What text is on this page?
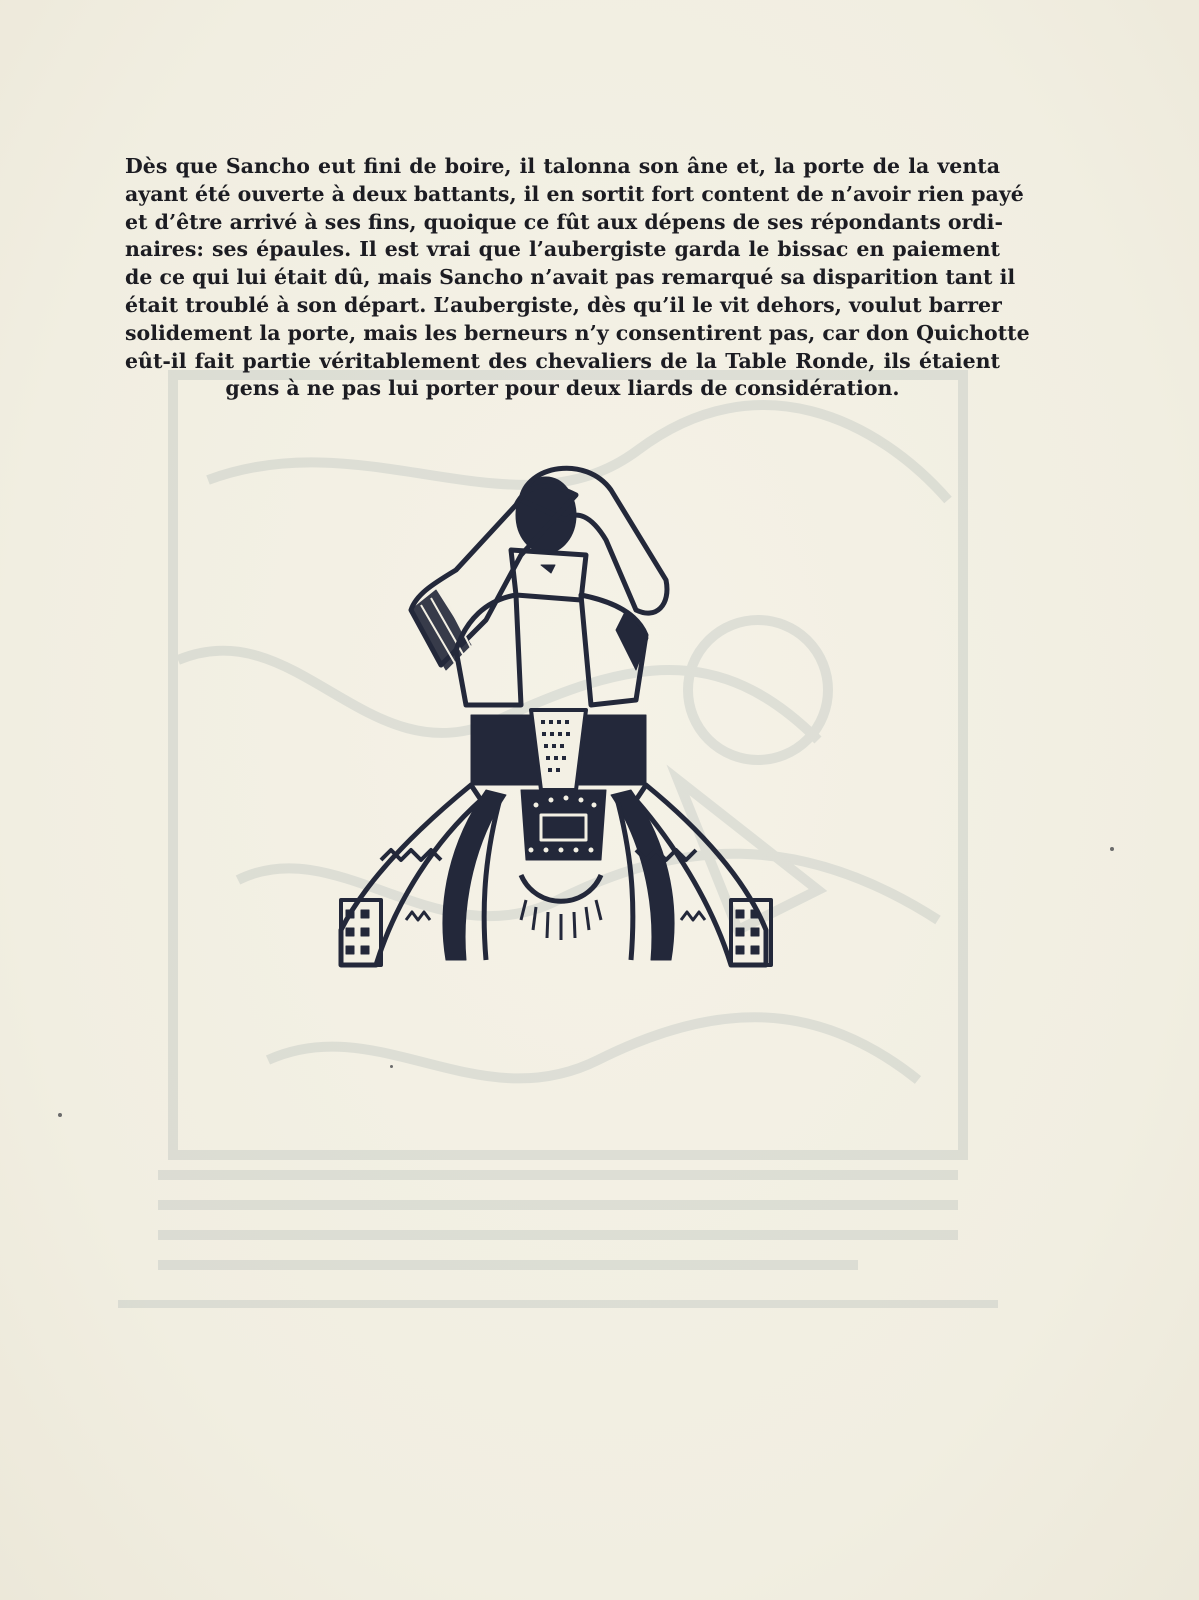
Dès que Sancho eut fini de boire, il talonna son âne et, la porte de la venta
ayant été ouverte à deux battants, il en sortit fort content de n’avoir rien payé
et d’être arrivé à ses fins, quoique ce fût aux dépens de ses répondants ordi-
naires: ses épaules. Il est vrai que l’aubergiste garda le bissac en paiement
de ce qui lui était dû, mais Sancho n’avait pas remarqué sa disparition tant il
était troublé à son départ. L’aubergiste, dès qu’il le vit dehors, voulut barrer
solidement la porte, mais les berneurs n’y consentirent pas, car don Quichotte
eût-il fait partie véritablement des chevaliers de la Table Ronde, ils étaient
gens à ne pas lui porter pour deux liards de considération.
